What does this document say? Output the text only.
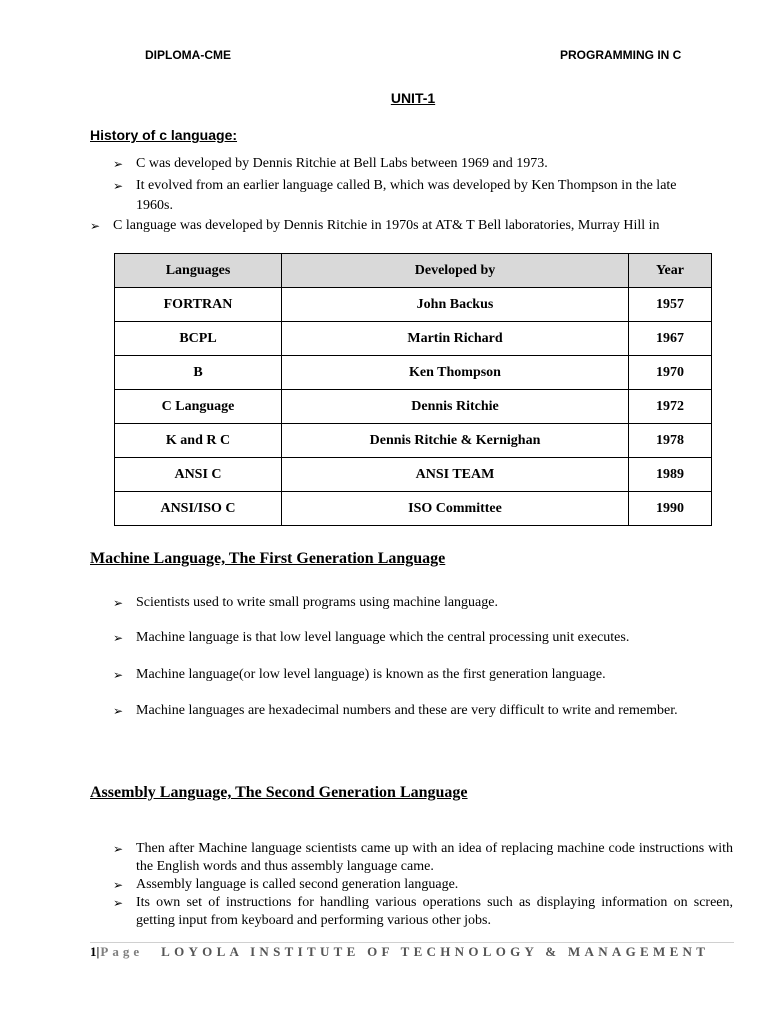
DIPLOMA-CME	PROGRAMMING IN C
UNIT-1
History of c language:
➢ C was developed by Dennis Ritchie at Bell Labs between 1969 and 1973.
➢ It evolved from an earlier language called B, which was developed by Ken Thompson in the late
1960s.
➢ C language was developed by Dennis Ritchie in 1970s at AT& T Bell laboratories, Murray Hill in
Languages	Developed by	Year
FORTRAN	John Backus	1957
BCPL	Martin Richard	1967
B	Ken Thompson	1970
C Language	Dennis Ritchie	1972
K and R C	Dennis Ritchie & Kernighan	1978
ANSI C	ANSI TEAM	1989
ANSI/ISO C	ISO Committee	1990
Machine Language, The First Generation Language
➢ Scientists used to write small programs using machine language.
➢ Machine language is that low level language which the central processing unit executes.
➢ Machine language(or low level language) is known as the first generation language.
➢ Machine languages are hexadecimal numbers and these are very difficult to write and remember.
Assembly Language, The Second Generation Language
➢ Then after Machine language scientists came up with an idea of replacing machine code instructions with the English words and thus assembly language came.
➢ Assembly language is called second generation language.
➢ Its own set of instructions for handling various operations such as displaying information on screen, getting input from keyboard and performing various other jobs.
1|Page LOYOLA INSTITUTE OF TECHNOLOGY & MANAGEMENT
